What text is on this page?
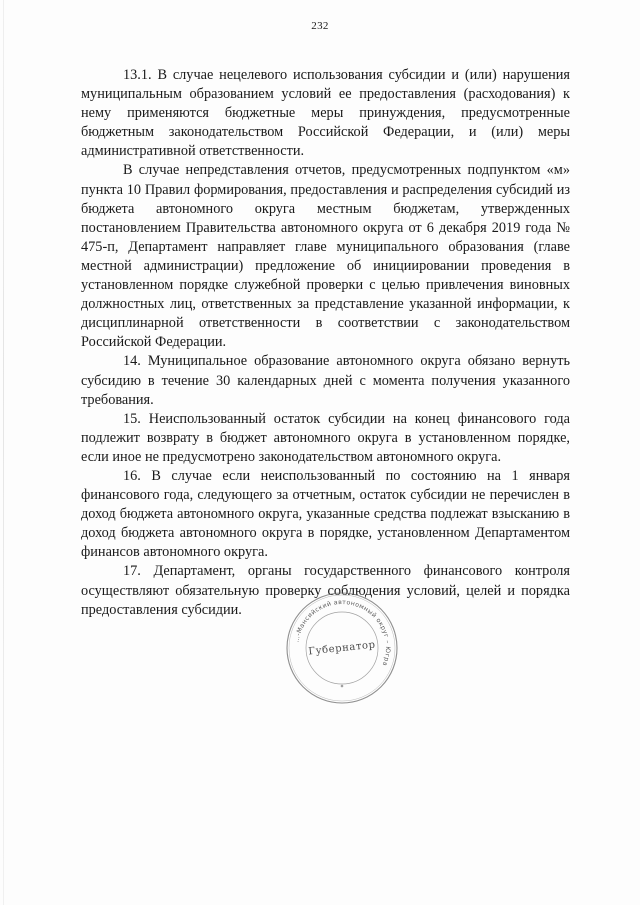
232

13.1. В случае нецелевого использования субсидии и (или) нарушения муниципальным образованием условий ее предоставления (расходования) к нему применяются бюджетные меры принуждения, предусмотренные бюджетным законодательством Российской Федерации, и (или) меры административной ответственности.

В случае непредставления отчетов, предусмотренных подпунктом «м» пункта 10 Правил формирования, предоставления и распределения субсидий из бюджета автономного округа местным бюджетам, утвержденных постановлением Правительства автономного округа от 6 декабря 2019 года № 475-п, Департамент направляет главе муниципального образования (главе местной администрации) предложение об инициировании проведения в установленном порядке служебной проверки с целью привлечения виновных должностных лиц, ответственных за представление указанной информации, к дисциплинарной ответственности в соответствии с законодательством Российской Федерации.

14. Муниципальное образование автономного округа обязано вернуть субсидию в течение 30 календарных дней с момента получения указанного требования.

15. Неиспользованный остаток субсидии на конец финансового года подлежит возврату в бюджет автономного округа в установленном порядке, если иное не предусмотрено законодательством автономного округа.

16. В случае если неиспользованный по состоянию на 1 января финансового года, следующего за отчетным, остаток субсидии не перечислен в доход бюджета автономного округа, указанные средства подлежат взысканию в доход бюджета автономного округа в порядке, установленном Департаментом финансов автономного округа.

17. Департамент, органы государственного финансового контроля осуществляют обязательную проверку соблюдения условий, целей и порядка предоставления субсидии.

…-Мансийский автономный округ – Югра
Губернатор
